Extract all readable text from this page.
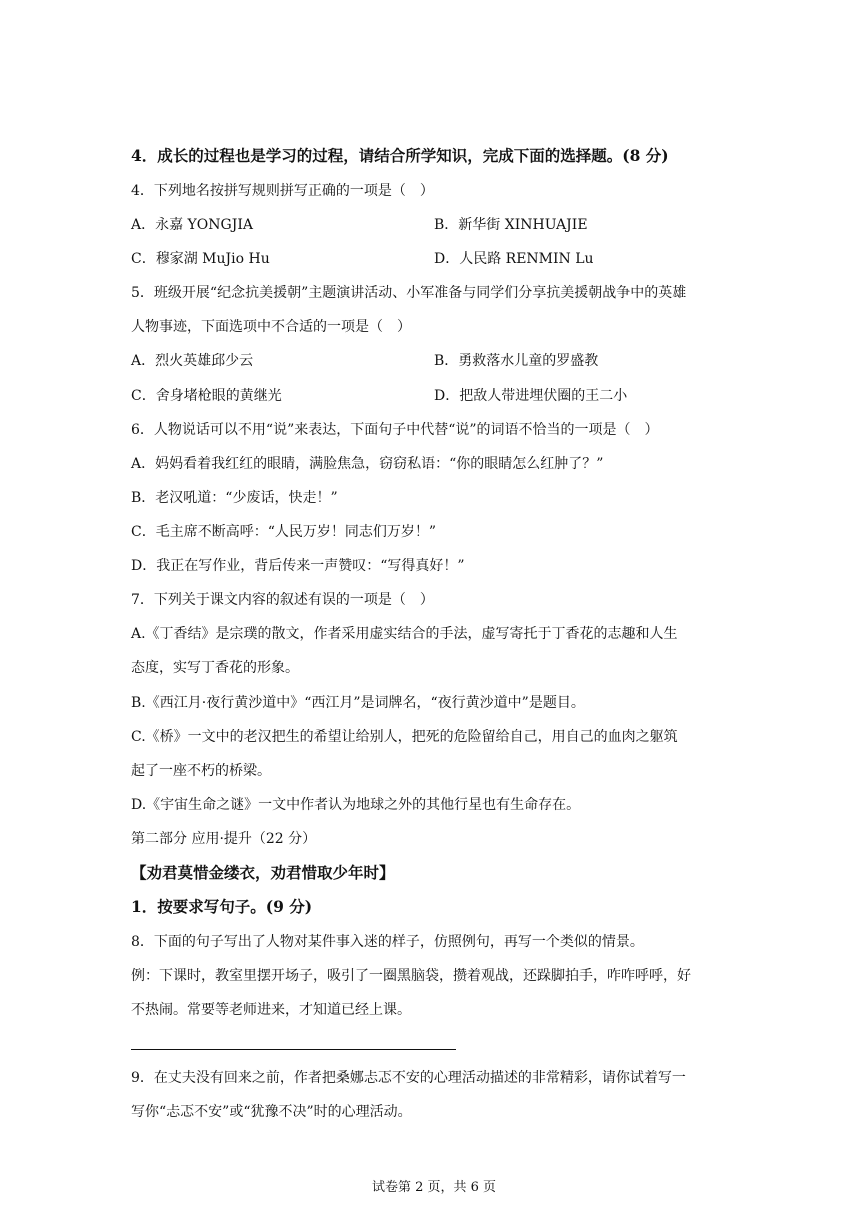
4．成长的过程也是学习的过程，请结合所学知识，完成下面的选择题。(8 分)
4．下列地名按拼写规则拼写正确的一项是（　）
A．永嘉 YONGJIA	B．新华街 XINHUAJIE
C．穆家湖 MuJio Hu	D．人民路 RENMIN Lu
5．班级开展“纪念抗美援朝”主题演讲活动、小军准备与同学们分享抗美援朝战争中的英雄
人物事迹，下面选项中不合适的一项是（　）
A．烈火英雄邱少云	B．勇救落水儿童的罗盛教
C．舍身堵枪眼的黄继光	D．把敌人带进埋伏圈的王二小
6．人物说话可以不用“说”来表达，下面句子中代替“说”的词语不恰当的一项是（　）
A．妈妈看着我红红的眼睛，满脸焦急，窃窃私语：“你的眼睛怎么红肿了？”
B．老汉吼道：“少废话，快走！”
C．毛主席不断高呼：“人民万岁！同志们万岁！”
D．我正在写作业，背后传来一声赞叹：“写得真好！”
7．下列关于课文内容的叙述有误的一项是（　）
A.《丁香结》是宗璞的散文，作者采用虚实结合的手法，虚写寄托于丁香花的志趣和人生
态度，实写丁香花的形象。
B.《西江月·夜行黄沙道中》“西江月”是词牌名，“夜行黄沙道中”是题目。
C.《桥》一文中的老汉把生的希望让给别人，把死的危险留给自己，用自己的血肉之躯筑
起了一座不朽的桥梁。
D.《宇宙生命之谜》一文中作者认为地球之外的其他行星也有生命存在。
第二部分 应用·提升（22 分）
【劝君莫惜金缕衣，劝君惜取少年时】
1．按要求写句子。(9 分)
8．下面的句子写出了人物对某件事入迷的样子，仿照例句，再写一个类似的情景。
例：下课时，教室里摆开场子，吸引了一圈黑脑袋，攒着观战，还跺脚拍手，咋咋呼呼，好
不热闹。常要等老师进来，才知道已经上课。
9．在丈夫没有回来之前，作者把桑娜忐忑不安的心理活动描述的非常精彩，请你试着写一
写你“忐忑不安”或“犹豫不决”时的心理活动。
试卷第 2 页，共 6 页
